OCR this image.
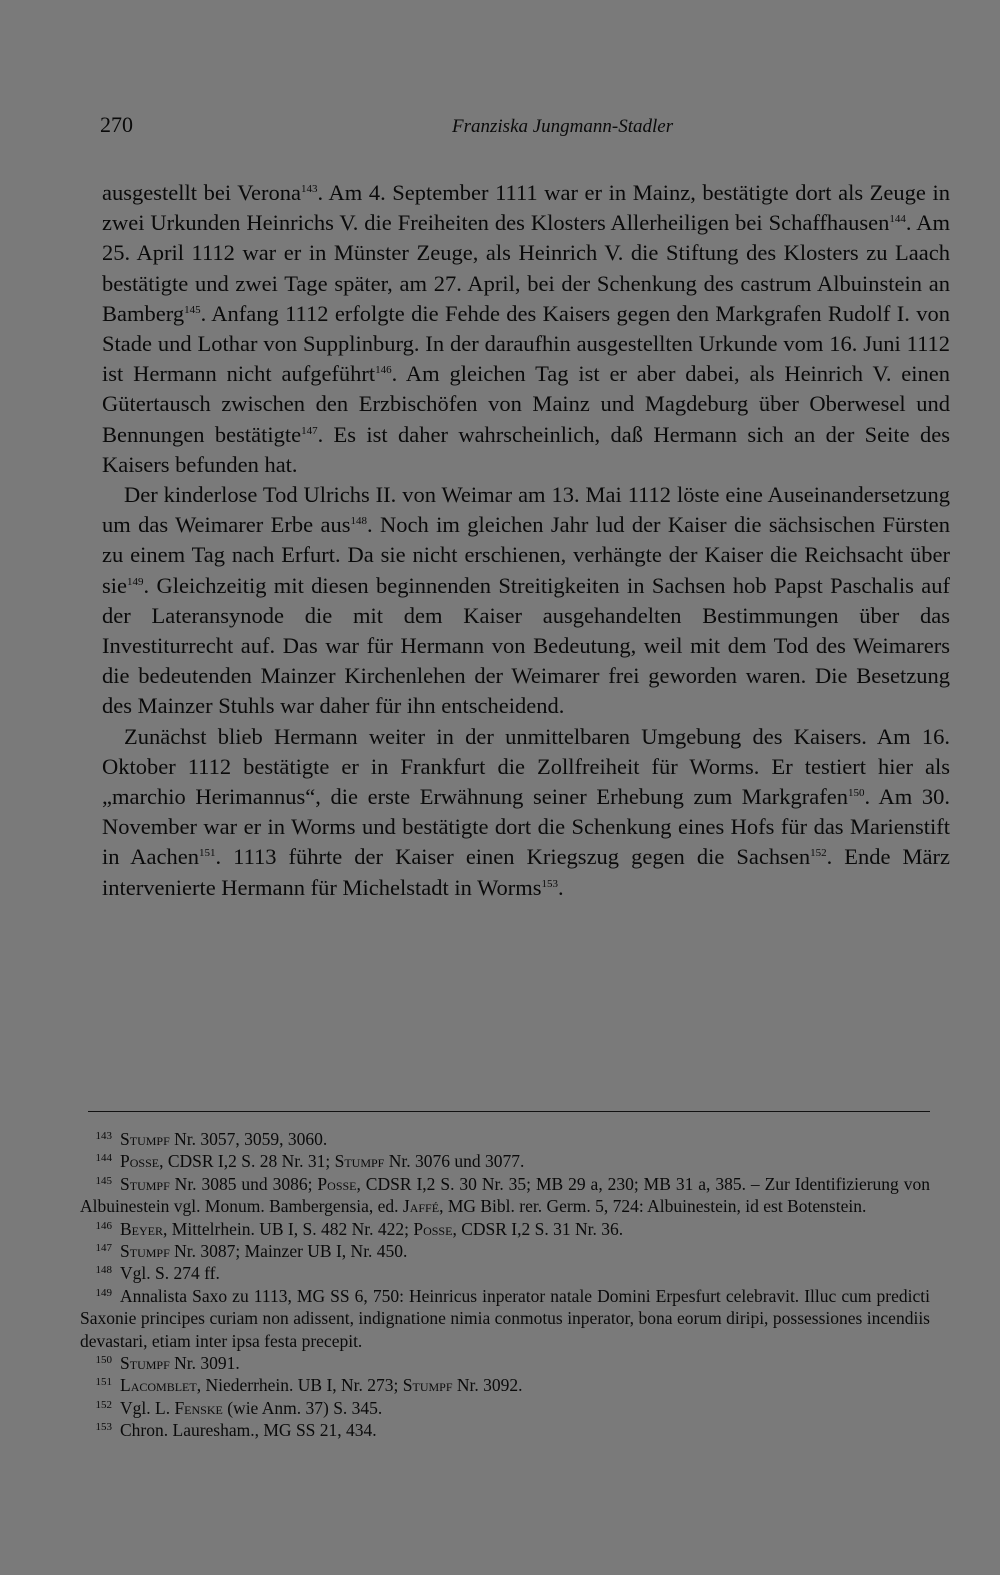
270	Franziska Jungmann-Stadler

ausgestellt bei Verona$^{143}$. Am 4. September 1111 war er in Mainz, bestätigte dort als Zeuge in zwei Urkunden Heinrichs V. die Freiheiten des Klosters Allerheiligen bei Schaffhausen$^{144}$. Am 25. April 1112 war er in Münster Zeuge, als Heinrich V. die Stiftung des Klosters zu Laach bestätigte und zwei Tage später, am 27. April, bei der Schenkung des castrum Albuinstein an Bamberg$^{145}$. Anfang 1112 erfolgte die Fehde des Kaisers gegen den Markgrafen Rudolf I. von Stade und Lothar von Supplinburg. In der daraufhin ausgestellten Urkunde vom 16. Juni 1112 ist Hermann nicht aufgeführt$^{146}$. Am gleichen Tag ist er aber dabei, als Heinrich V. einen Gütertausch zwischen den Erzbischöfen von Mainz und Magdeburg über Oberwesel und Bennungen bestätigte$^{147}$. Es ist daher wahrscheinlich, daß Hermann sich an der Seite des Kaisers befunden hat.

Der kinderlose Tod Ulrichs II. von Weimar am 13. Mai 1112 löste eine Auseinandersetzung um das Weimarer Erbe aus$^{148}$. Noch im gleichen Jahr lud der Kaiser die sächsischen Fürsten zu einem Tag nach Erfurt. Da sie nicht erschienen, verhängte der Kaiser die Reichsacht über sie$^{149}$. Gleichzeitig mit diesen beginnenden Streitigkeiten in Sachsen hob Papst Paschalis auf der Lateransynode die mit dem Kaiser ausgehandelten Bestimmungen über das Investiturrecht auf. Das war für Hermann von Bedeutung, weil mit dem Tod des Weimarers die bedeutenden Mainzer Kirchenlehen der Weimarer frei geworden waren. Die Besetzung des Mainzer Stuhls war daher für ihn entscheidend.

Zunächst blieb Hermann weiter in der unmittelbaren Umgebung des Kaisers. Am 16. Oktober 1112 bestätigte er in Frankfurt die Zollfreiheit für Worms. Er testiert hier als „marchio Herimannus“, die erste Erwähnung seiner Erhebung zum Markgrafen$^{150}$. Am 30. November war er in Worms und bestätigte dort die Schenkung eines Hofs für das Marienstift in Aachen$^{151}$. 1113 führte der Kaiser einen Kriegszug gegen die Sachsen$^{152}$. Ende März intervenierte Hermann für Michelstadt in Worms$^{153}$.

143 Stumpf Nr. 3057, 3059, 3060.
144 Posse, CDSR I,2 S. 28 Nr. 31; Stumpf Nr. 3076 und 3077.
145 Stumpf Nr. 3085 und 3086; Posse, CDSR I,2 S. 30 Nr. 35; MB 29 a, 230; MB 31 a, 385. – Zur Identifizierung von Albuinestein vgl. Monum. Bambergensia, ed. Jaffé, MG Bibl. rer. Germ. 5, 724: Albuinestein, id est Botenstein.
146 Beyer, Mittelrhein. UB I, S. 482 Nr. 422; Posse, CDSR I,2 S. 31 Nr. 36.
147 Stumpf Nr. 3087; Mainzer UB I, Nr. 450.
148 Vgl. S. 274 ff.
149 Annalista Saxo zu 1113, MG SS 6, 750: Heinricus inperator natale Domini Erpesfurt celebravit. Illuc cum predicti Saxonie principes curiam non adissent, indignatione nimia conmotus inperator, bona eorum diripi, possessiones incendiis devastari, etiam inter ipsa festa precepit.
150 Stumpf Nr. 3091.
151 Lacomblet, Niederrhein. UB I, Nr. 273; Stumpf Nr. 3092.
152 Vgl. L. Fenske (wie Anm. 37) S. 345.
153 Chron. Lauresham., MG SS 21, 434.
